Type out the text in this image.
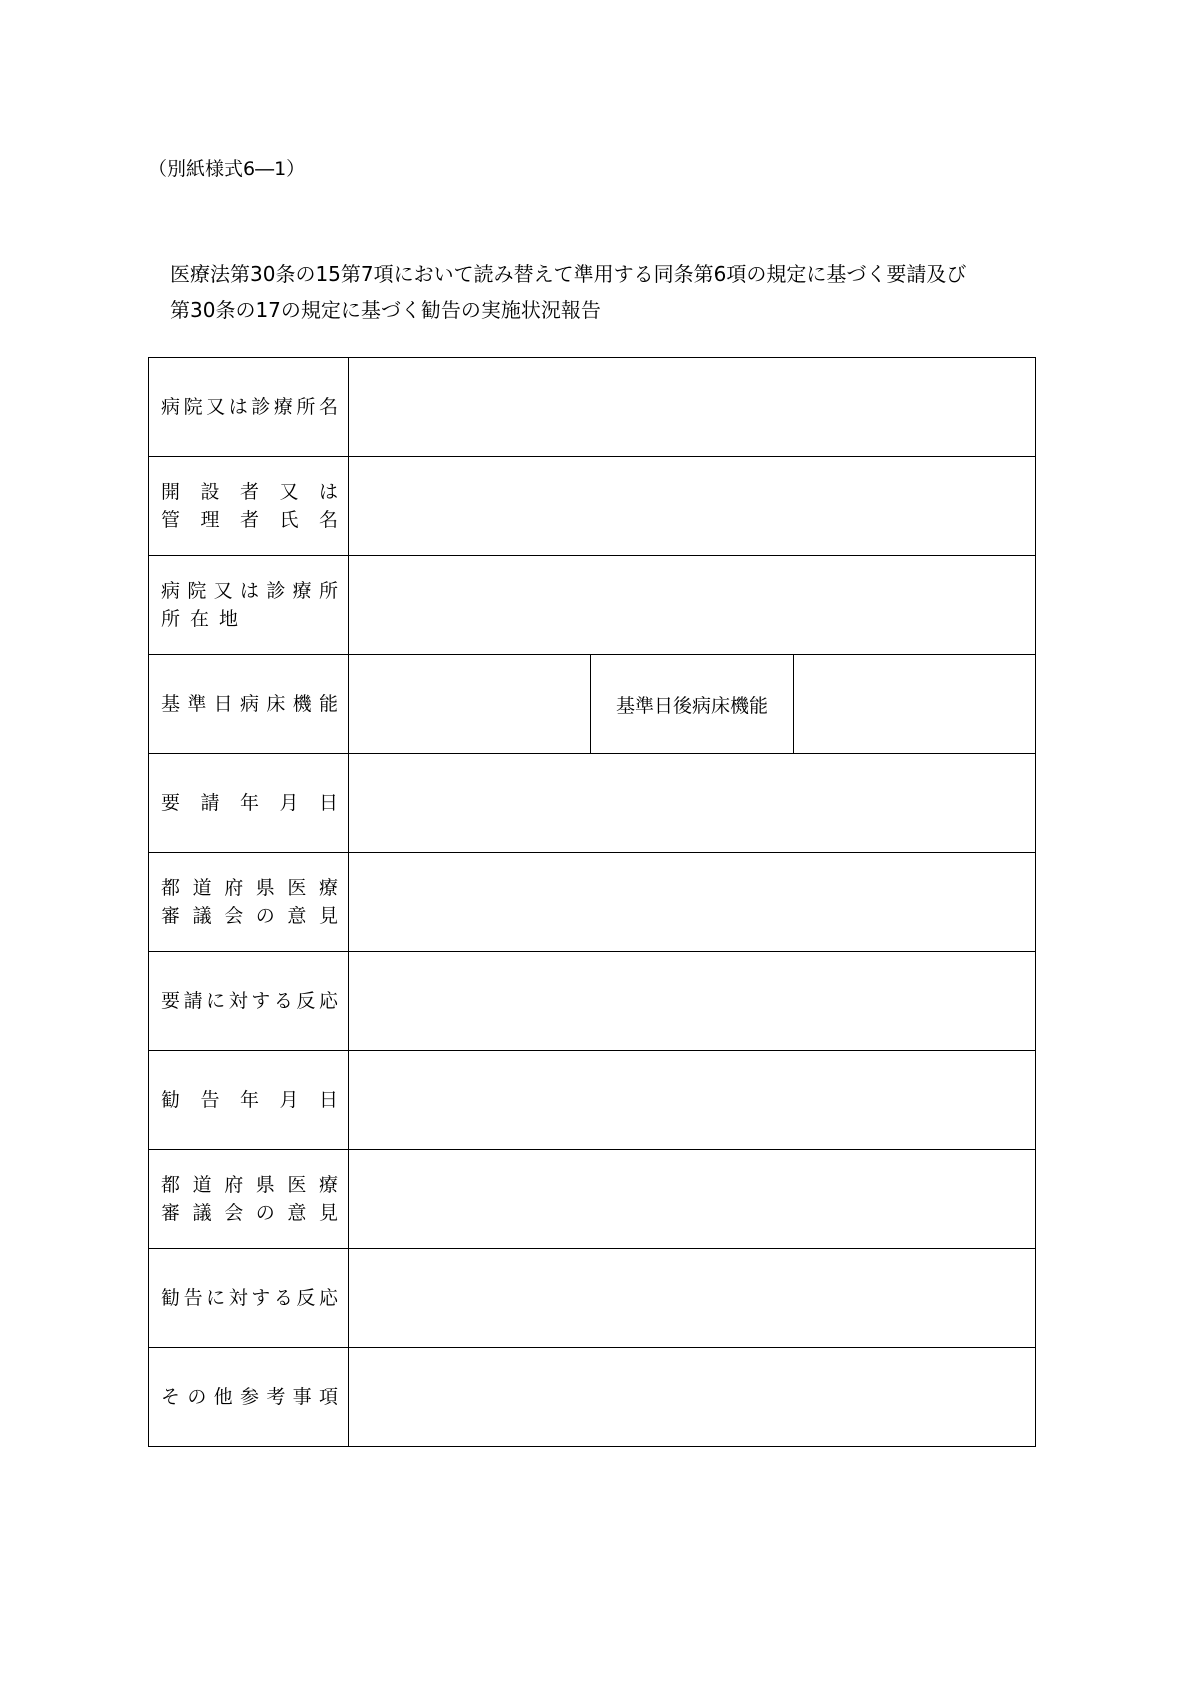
（別紙様式6―1）
医療法第30条の15第7項において読み替えて準用する同条第6項の規定に基づく要請及び
第30条の17の規定に基づく勧告の実施状況報告
病院又は診療所名			

開設者又は
管理者氏名			

病院又は診療所
所在地			

基準日病床機能		基準日後病床機能	

要請年月日			

都道府県医療
審議会の意見			

要請に対する反応			

勧告年月日			

都道府県医療
審議会の意見			

勧告に対する反応			

その他参考事項			
